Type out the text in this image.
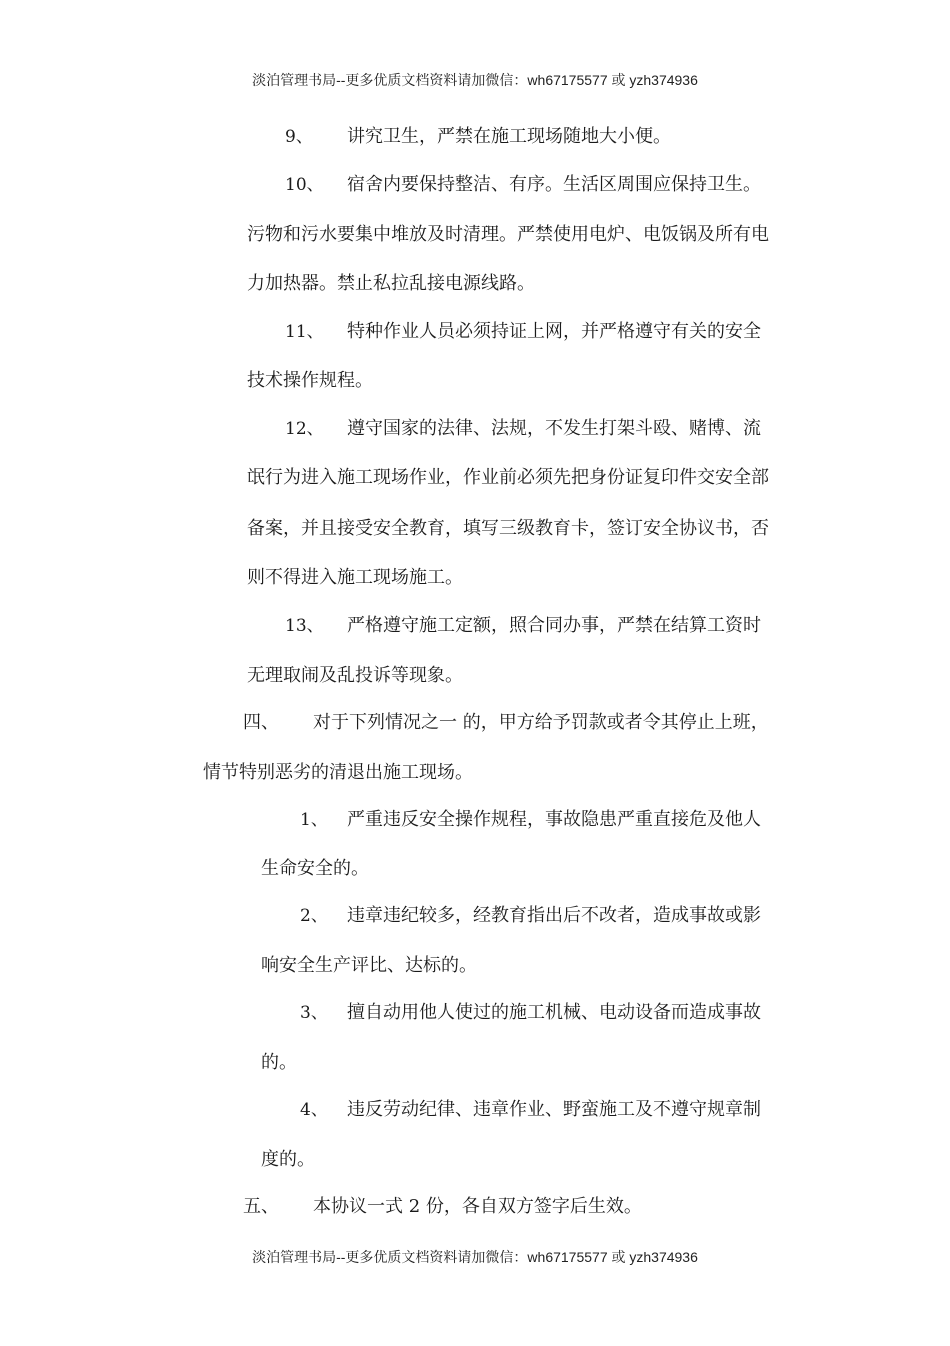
淡泊管理书局--更多优质文档资料请加微信：wh67175577 或 yzh374936
9、 讲究卫生，严禁在施工现场随地大小便。
10、 宿舍内要保持整洁、有序。生活区周围应保持卫生。
污物和污水要集中堆放及时清理。严禁使用电炉、电饭锅及所有电
力加热器。禁止私拉乱接电源线路。
11、 特种作业人员必须持证上网，并严格遵守有关的安全
技术操作规程。
12、 遵守国家的法律、法规，不发生打架斗殴、赌博、流
氓行为进入施工现场作业，作业前必须先把身份证复印件交安全部
备案，并且接受安全教育，填写三级教育卡，签订安全协议书，否
则不得进入施工现场施工。
13、 严格遵守施工定额，照合同办事，严禁在结算工资时
无理取闹及乱投诉等现象。
四、 对于下列情况之一 的，甲方给予罚款或者令其停止上班，
情节特别恶劣的清退出施工现场。
1、 严重违反安全操作规程，事故隐患严重直接危及他人
生命安全的。
2、 违章违纪较多，经教育指出后不改者，造成事故或影
响安全生产评比、达标的。
3、 擅自动用他人使过的施工机械、电动设备而造成事故
的。
4、 违反劳动纪律、违章作业、野蛮施工及不遵守规章制
度的。
五、 本协议一式 2 份，各自双方签字后生效。
淡泊管理书局--更多优质文档资料请加微信：wh67175577 或 yzh374936
